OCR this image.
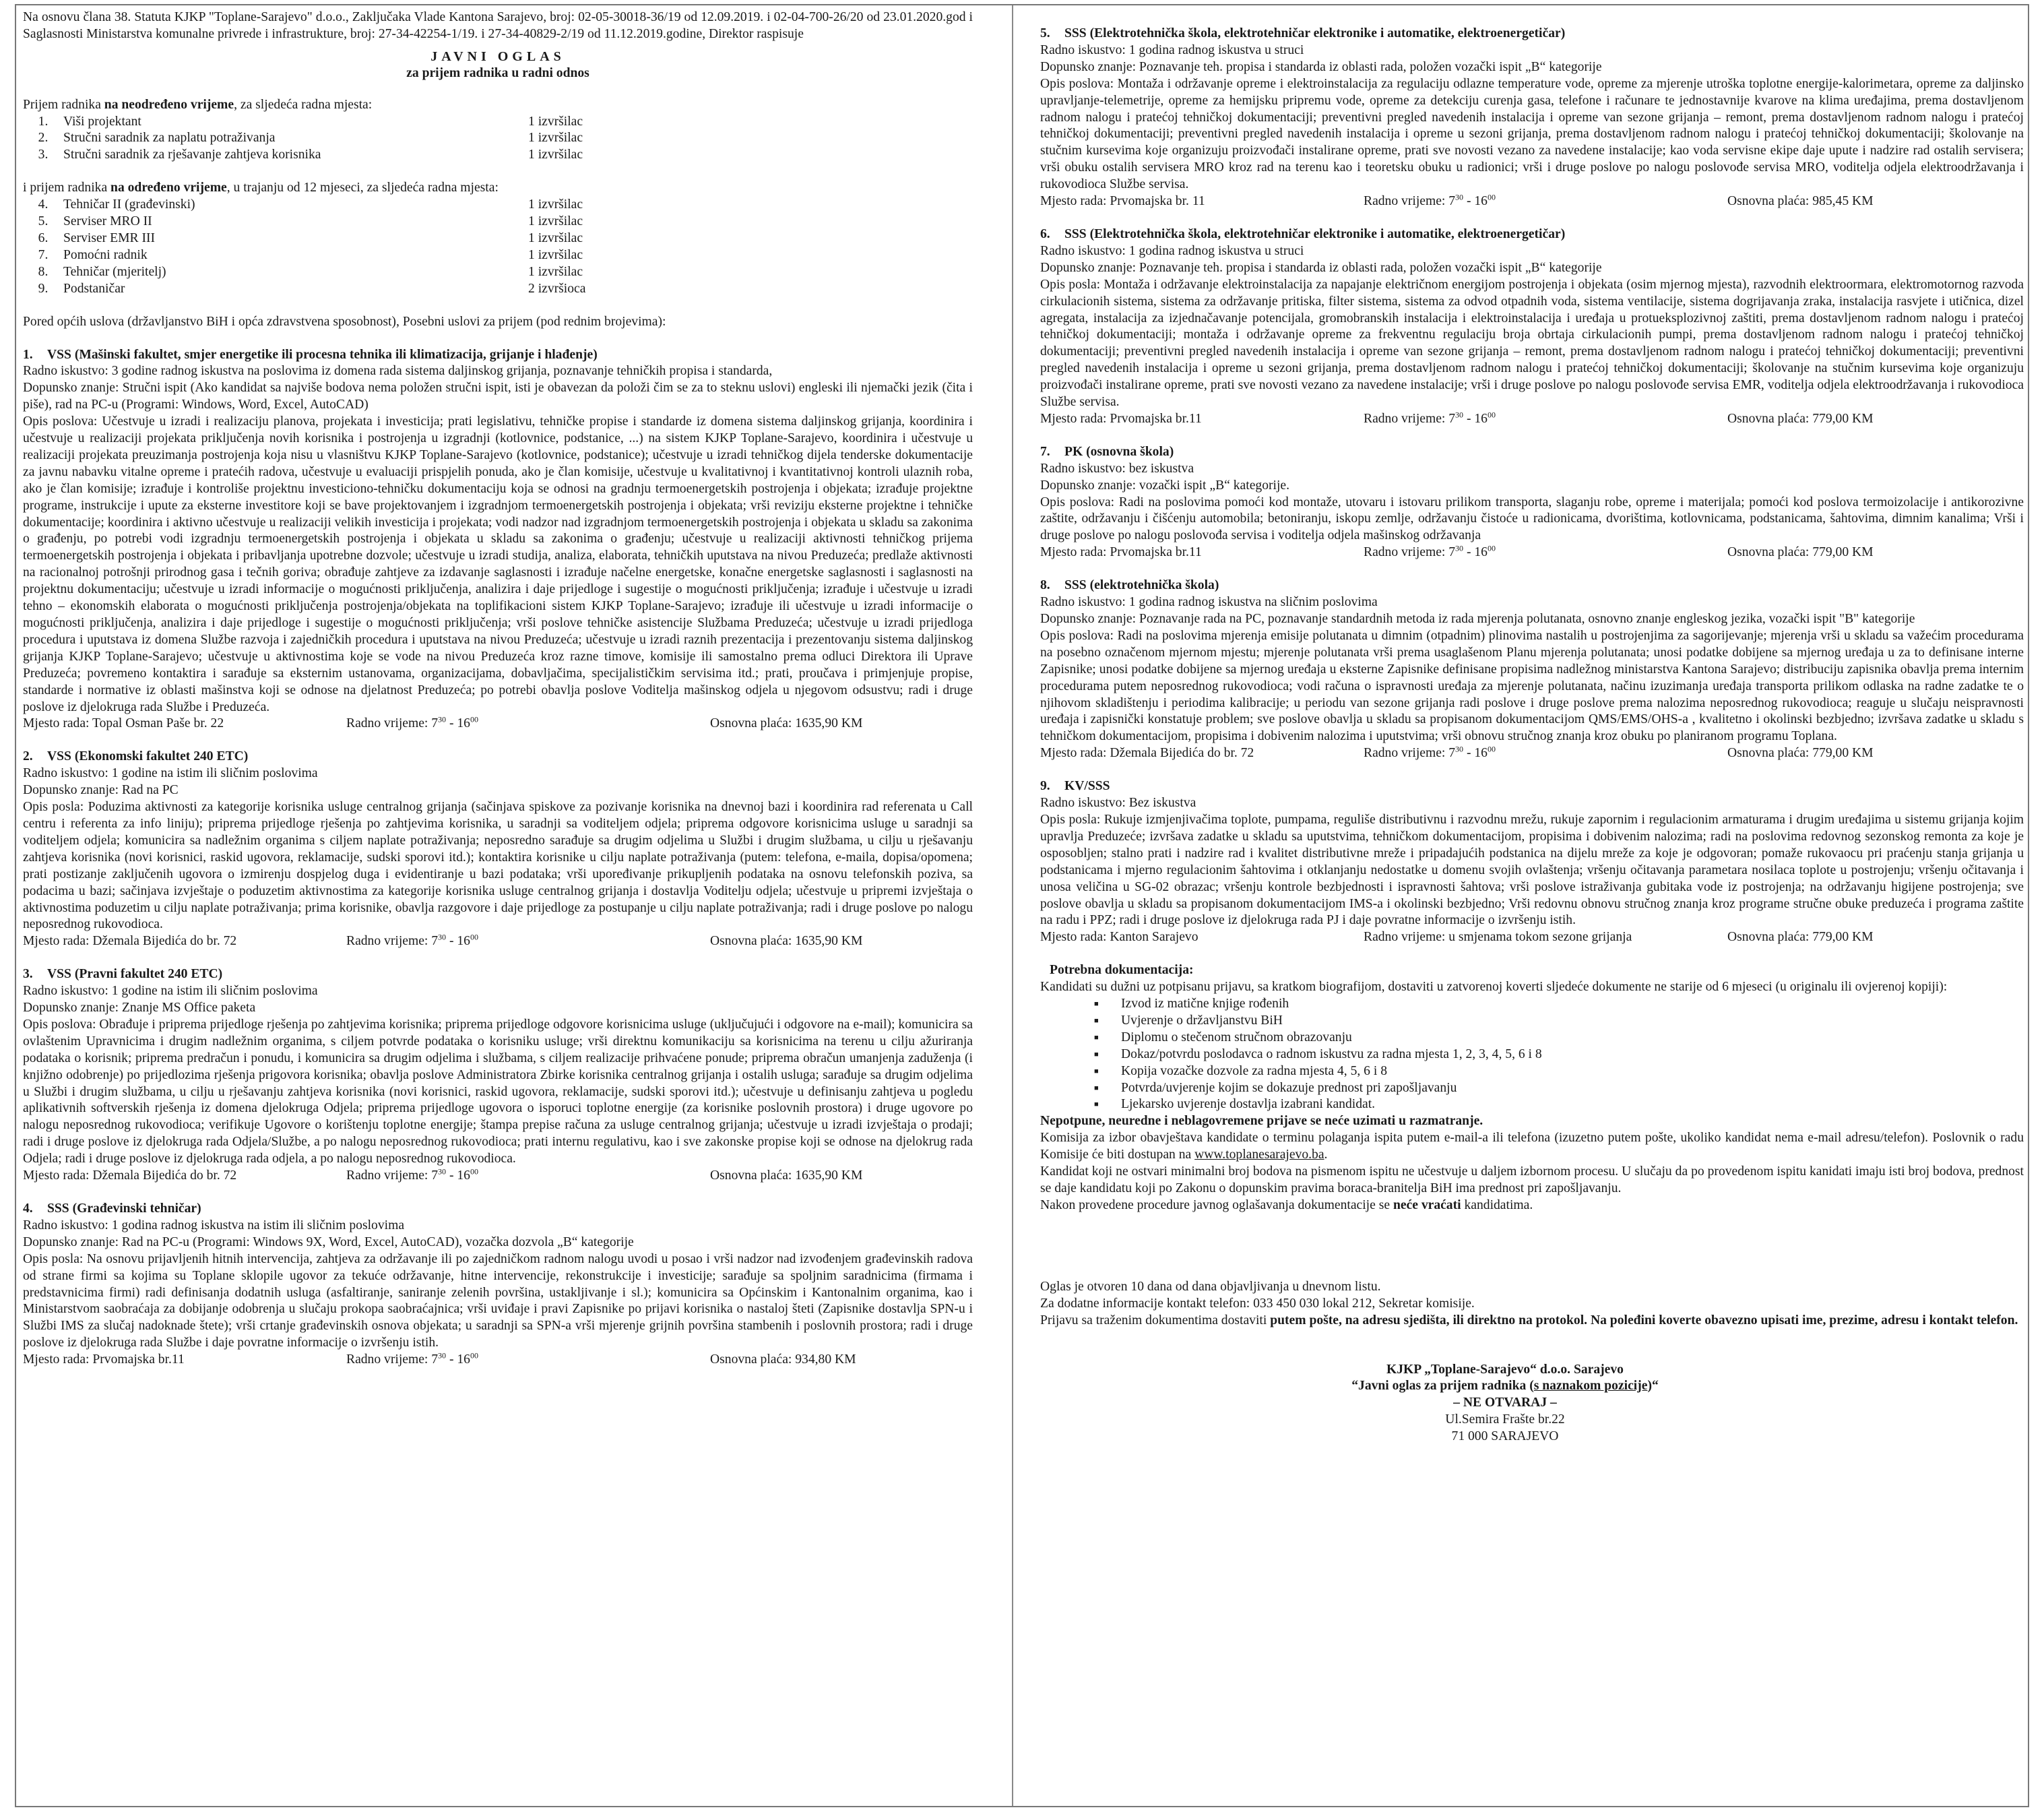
Na osnovu člana 38. Statuta KJKP "Toplane-Sarajevo" d.o.o., Zaključaka Vlade Kantona Sarajevo, broj: 02-05-30018-36/19 od 12.09.2019. i 02-04-700-26/20 od 23.01.2020.god i Saglasnosti Ministarstva komunalne privrede i infrastrukture, broj: 27-34-42254-1/19. i 27-34-40829-2/19 od 11.12.2019.godine, Direktor raspisuje

JAVNI OGLAS
za prijem radnika u radni odnos

Prijem radnika na neodređeno vrijeme, za sljedeća radna mjesta:

1.	Viši projektant	1 izvršilac
2.	Stručni saradnik za naplatu potraživanja	1 izvršilac
3.	Stručni saradnik za rješavanje zahtjeva korisnika	1 izvršilac

i prijem radnika na određeno vrijeme, u trajanju od 12 mjeseci, za sljedeća radna mjesta:

4.	Tehničar II (građevinski)	1 izvršilac
5.	Serviser MRO II	1 izvršilac
6.	Serviser EMR III	1 izvršilac
7.	Pomoćni radnik	1 izvršilac
8.	Tehničar (mjeritelj)	1 izvršilac
9.	Podstaničar	2 izvršioca

Pored općih uslova (državljanstvo BiH i opća zdravstvena sposobnost), Posebni uslovi za prijem (pod rednim brojevima):

1. VSS (Mašinski fakultet, smjer energetike ili procesna tehnika ili klimatizacija, grijanje i hlađenje)

Radno iskustvo: 3 godine radnog iskustva na poslovima iz domena rada sistema daljinskog grijanja, poznavanje tehničkih propisa i standarda,

Dopunsko znanje: Stručni ispit (Ako kandidat sa najviše bodova nema položen stručni ispit, isti je obavezan da položi čim se za to steknu uslovi) engleski ili njemački jezik (čita i piše), rad na PC-u (Programi: Windows, Word, Excel, AutoCAD)

Opis poslova: Učestvuje u izradi i realizaciju planova, projekata i investicija; prati legislativu, tehničke propise i standarde iz domena sistema daljinskog grijanja, koordinira i učestvuje u realizaciji projekata priključenja novih korisnika i postrojenja u izgradnji (kotlovnice, podstanice, ...) na sistem KJKP Toplane-Sarajevo, koordinira i učestvuje u realizaciji projekata preuzimanja postrojenja koja nisu u vlasništvu KJKP Toplane-Sarajevo (kotlovnice, podstanice); učestvuje u izradi tehničkog dijela tenderske dokumentacije za javnu nabavku vitalne opreme i pratećih radova, učestvuje u evaluaciji prispjelih ponuda, ako je član komisije, učestvuje u kvalitativnoj i kvantitativnoj kontroli ulaznih roba, ako je član komisije; izrađuje i kontroliše projektnu investiciono-tehničku dokumentaciju koja se odnosi na gradnju termoenergetskih postrojenja i objekata; izrađuje projektne programe, instrukcije i upute za eksterne investitore koji se bave projektovanjem i izgradnjom termoenergetskih postrojenja i objekata; vrši reviziju eksterne projektne i tehničke dokumentacije; koordinira i aktivno učestvuje u realizaciji velikih investicija i projekata; vodi nadzor nad izgradnjom termoenergetskih postrojenja i objekata u skladu sa zakonima o građenju, po potrebi vodi izgradnju termoenergetskih postrojenja i objekata u skladu sa zakonima o građenju; učestvuje u realizaciji aktivnosti tehničkog prijema termoenergetskih postrojenja i objekata i pribavljanja upotrebne dozvole; učestvuje u izradi studija, analiza, elaborata, tehničkih uputstava na nivou Preduzeća; predlaže aktivnosti na racionalnoj potrošnji prirodnog gasa i tečnih goriva; obrađuje zahtjeve za izdavanje saglasnosti i izrađuje načelne energetske, konačne energetske saglasnosti i saglasnosti na projektnu dokumentaciju; učestvuje u izradi informacije o mogućnosti priključenja, analizira i daje prijedloge i sugestije o mogućnosti priključenja; izrađuje i učestvuje u izradi tehno – ekonomskih elaborata o mogućnosti priključenja postrojenja/objekata na toplifikacioni sistem KJKP Toplane-Sarajevo; izrađuje ili učestvuje u izradi informacije o mogućnosti priključenja, analizira i daje prijedloge i sugestije o mogućnosti priključenja; vrši poslove tehničke asistencije Službama Preduzeća; učestvuje u izradi prijedloga procedura i uputstava iz domena Službe razvoja i zajedničkih procedura i uputstava na nivou Preduzeća; učestvuje u izradi raznih prezentacija i prezentovanju sistema daljinskog grijanja KJKP Toplane-Sarajevo; učestvuje u aktivnostima koje se vode na nivou Preduzeća kroz razne timove, komisije ili samostalno prema odluci Direktora ili Uprave Preduzeća; povremeno kontaktira i sarađuje sa eksternim ustanovama, organizacijama, dobavljačima, specijalističkim servisima itd.; prati, proučava i primjenjuje propise, standarde i normative iz oblasti mašinstva koji se odnose na djelatnost Preduzeća; po potrebi obavlja poslove Voditelja mašinskog odjela u njegovom odsustvu; radi i druge poslove iz djelokruga rada Službe i Preduzeća.

Mjesto rada: Topal Osman Paše br. 22	Radno vrijeme: $7^{30} - 16^{00}$	Osnovna plaća: 1635,90 KM
2. VSS (Ekonomski fakultet 240 ETC)

Radno iskustvo: 1 godine na istim ili sličnim poslovima

Dopunsko znanje: Rad na PC

Opis posla: Poduzima aktivnosti za kategorije korisnika usluge centralnog grijanja (sačinjava spiskove za pozivanje korisnika na dnevnoj bazi i koordinira rad referenata u Call centru i referenta za info liniju); priprema prijedloge rješenja po zahtjevima korisnika, u saradnji sa voditeljem odjela; priprema odgovore korisnicima usluge u saradnji sa voditeljem odjela; komunicira sa nadležnim organima s ciljem naplate potraživanja; neposredno sarađuje sa drugim odjelima u Službi i drugim službama, u cilju u rješavanju zahtjeva korisnika (novi korisnici, raskid ugovora, reklamacije, sudski sporovi itd.); kontaktira korisnike u cilju naplate potraživanja (putem: telefona, e-maila, dopisa/opomena; prati postizanje zaključenih ugovora o izmirenju dospjelog duga i evidentiranje u bazi podataka; vrši upoređivanje prikupljenih podataka na osnovu telefonskih poziva, sa podacima u bazi; sačinjava izvještaje o poduzetim aktivnostima za kategorije korisnika usluge centralnog grijanja i dostavlja Voditelju odjela; učestvuje u pripremi izvještaja o aktivnostima poduzetim u cilju naplate potraživanja; prima korisnike, obavlja razgovore i daje prijedloge za postupanje u cilju naplate potraživanja; radi i druge poslove po nalogu neposrednog rukovodioca.

Mjesto rada: Džemala Bijedića do br. 72	Radno vrijeme: $7^{30} - 16^{00}$	Osnovna plaća: 1635,90 KM
3. VSS (Pravni fakultet 240 ETC)

Radno iskustvo: 1 godine na istim ili sličnim poslovima

Dopunsko znanje: Znanje MS Office paketa

Opis poslova: Obrađuje i priprema prijedloge rješenja po zahtjevima korisnika; priprema prijedloge odgovore korisnicima usluge (uključujući i odgovore na e-mail); komunicira sa ovlaštenim Upravnicima i drugim nadležnim organima, s ciljem potvrde podataka o korisniku usluge; vrši direktnu komunikaciju sa korisnicima na terenu u cilju ažuriranja podataka o korisnik; priprema predračun i ponudu, i komunicira sa drugim odjelima i službama, s ciljem realizacije prihvaćene ponude; priprema obračun umanjenja zaduženja (i knjižno odobrenje) po prijedlozima rješenja prigovora korisnika; obavlja poslove Administratora Zbirke korisnika centralnog grijanja i ostalih usluga; sarađuje sa drugim odjelima u Službi i drugim službama, u cilju u rješavanju zahtjeva korisnika (novi korisnici, raskid ugovora, reklamacije, sudski sporovi itd.); učestvuje u definisanju zahtjeva u pogledu aplikativnih softverskih rješenja iz domena djelokruga Odjela; priprema prijedloge ugovora o isporuci toplotne energije (za korisnike poslovnih prostora) i druge ugovore po nalogu neposrednog rukovodioca; verifikuje Ugovore o korištenju toplotne energije; štampa prepise računa za usluge centralnog grijanja; učestvuje u izradi izvještaja o prodaji; radi i druge poslove iz djelokruga rada Odjela/Službe, a po nalogu neposrednog rukovodioca; prati internu regulativu, kao i sve zakonske propise koji se odnose na djelokrug rada Odjela; radi i druge poslove iz djelokruga rada odjela, a po nalogu neposrednog rukovodioca.

Mjesto rada: Džemala Bijedića do br. 72	Radno vrijeme: $7^{30} - 16^{00}$	Osnovna plaća: 1635,90 KM
4. SSS (Građevinski tehničar)

Radno iskustvo: 1 godina radnog iskustva na istim ili sličnim poslovima

Dopunsko znanje: Rad na PC-u (Programi: Windows 9X, Word, Excel, AutoCAD), vozačka dozvola „B“ kategorije

Opis posla: Na osnovu prijavljenih hitnih intervencija, zahtjeva za održavanje ili po zajedničkom radnom nalogu uvodi u posao i vrši nadzor nad izvođenjem građevinskih radova od strane firmi sa kojima su Toplane sklopile ugovor za tekuće održavanje, hitne intervencije, rekonstrukcije i investicije; sarađuje sa spoljnim saradnicima (firmama i predstavnicima firmi) radi definisanja dodatnih usluga (asfaltiranje, saniranje zelenih površina, ustakljivanje i sl.); komunicira sa Općinskim i Kantonalnim organima, kao i Ministarstvom saobraćaja za dobijanje odobrenja u slučaju prokopa saobraćajnica; vrši uviđaje i pravi Zapisnike po prijavi korisnika o nastaloj šteti (Zapisnike dostavlja SPN-u i Službi IMS za slučaj nadoknade štete); vrši crtanje građevinskih osnova objekata; u saradnji sa SPN-a vrši mjerenje grijnih površina stambenih i poslovnih prostora; radi i druge poslove iz djelokruga rada Službe i daje povratne informacije o izvršenju istih.

Mjesto rada: Prvomajska br.11	Radno vrijeme: $7^{30} - 16^{00}$	Osnovna plaća: 934,80 KM
5. SSS (Elektrotehnička škola, elektrotehničar elektronike i automatike, elektroenergetičar)

Radno iskustvo: 1 godina radnog iskustva u struci

Dopunsko znanje: Poznavanje teh. propisa i standarda iz oblasti rada, položen vozački ispit „B“ kategorije

Opis poslova: Montaža i održavanje opreme i elektroinstalacija za regulaciju odlazne temperature vode, opreme za mjerenje utroška toplotne energije-kalorimetara, opreme za daljinsko upravljanje-telemetrije, opreme za hemijsku pripremu vode, opreme za detekciju curenja gasa, telefone i računare te jednostavnije kvarove na klima uređajima, prema dostavljenom radnom nalogu i pratećoj tehničkoj dokumentaciji; preventivni pregled navedenih instalacija i opreme van sezone grijanja – remont, prema dostavljenom radnom nalogu i pratećoj tehničkoj dokumentaciji; preventivni pregled navedenih instalacija i opreme u sezoni grijanja, prema dostavljenom radnom nalogu i pratećoj tehničkoj dokumentaciji; školovanje na stučnim kursevima koje organizuju proizvođači instalirane opreme, prati sve novosti vezano za navedene instalacije; kao voda servisne ekipe daje upute i nadzire rad ostalih servisera; vrši obuku ostalih servisera MRO kroz rad na terenu kao i teoretsku obuku u radionici; vrši i druge poslove po nalogu poslovođe servisa MRO, voditelja odjela elektroodržavanja i rukovodioca Službe servisa.

Mjesto rada: Prvomajska br. 11	Radno vrijeme: $7^{30} - 16^{00}$	Osnovna plaća: 985,45 KM
6. SSS (Elektrotehnička škola, elektrotehničar elektronike i automatike, elektroenergetičar)

Radno iskustvo: 1 godina radnog iskustva u struci

Dopunsko znanje: Poznavanje teh. propisa i standarda iz oblasti rada, položen vozački ispit „B“ kategorije

Opis posla: Montaža i održavanje elektroinstalacija za napajanje električnom energijom postrojenja i objekata (osim mjernog mjesta), razvodnih elektroormara, elektromotornog razvoda cirkulacionih sistema, sistema za održavanje pritiska, filter sistema, sistema za odvod otpadnih voda, sistema ventilacije, sistema dogrijavanja zraka, instalacija rasvjete i utičnica, dizel agregata, instalacija za izjednačavanje potencijala, gromobranskih instalacija i elektroinstalacija i uređaja u protueksplozivnoj zaštiti, prema dostavljenom radnom nalogu i pratećoj tehničkoj dokumentaciji; montaža i održavanje opreme za frekventnu regulaciju broja obrtaja cirkulacionih pumpi, prema dostavljenom radnom nalogu i pratećoj tehničkoj dokumentaciji; preventivni pregled navedenih instalacija i opreme van sezone grijanja – remont, prema dostavljenom radnom nalogu i pratećoj tehničkoj dokumentaciji; preventivni pregled navedenih instalacija i opreme u sezoni grijanja, prema dostavljenom radnom nalogu i pratećoj tehničkoj dokumentaciji; školovanje na stučnim kursevima koje organizuju proizvođači instalirane opreme, prati sve novosti vezano za navedene instalacije; vrši i druge poslove po nalogu poslovođe servisa EMR, voditelja odjela elektroodržavanja i rukovodioca Službe servisa.

Mjesto rada: Prvomajska br.11	Radno vrijeme: $7^{30} - 16^{00}$	Osnovna plaća: 779,00 KM
7. PK (osnovna škola)

Radno iskustvo: bez iskustva

Dopunsko znanje: vozački ispit „B“ kategorije.

Opis poslova: Radi na poslovima pomoći kod montaže, utovaru i istovaru prilikom transporta, slaganju robe, opreme i materijala; pomoći kod poslova termoizolacije i antikorozivne zaštite, održavanju i čišćenju automobila; betoniranju, iskopu zemlje, održavanju čistoće u radionicama, dvorištima, kotlovnicama, podstanicama, šahtovima, dimnim kanalima; Vrši i druge poslove po nalogu poslovođa servisa i voditelja odjela mašinskog održavanja

Mjesto rada: Prvomajska br.11	Radno vrijeme: $7^{30} - 16^{00}$	Osnovna plaća: 779,00 KM
8. SSS (elektrotehnička škola)

Radno iskustvo: 1 godina radnog iskustva na sličnim poslovima

Dopunsko znanje: Poznavanje rada na PC, poznavanje standardnih metoda iz rada mjerenja polutanata, osnovno znanje engleskog jezika, vozački ispit "B" kategorije

Opis poslova: Radi na poslovima mjerenja emisije polutanata u dimnim (otpadnim) plinovima nastalih u postrojenjima za sagorijevanje; mjerenja vrši u skladu sa važećim procedurama na posebno označenom mjernom mjestu; mjerenje polutanata vrši prema usaglašenom Planu mjerenja polutanata; unosi podatke dobijene sa mjernog uređaja u za to definisane interne Zapisnike; unosi podatke dobijene sa mjernog uređaja u eksterne Zapisnike definisane propisima nadležnog ministarstva Kantona Sarajevo; distribuciju zapisnika obavlja prema internim procedurama putem neposrednog rukovodioca; vodi računa o ispravnosti uređaja za mjerenje polutanata, načinu izuzimanja uređaja transporta prilikom odlaska na radne zadatke te o njihovom skladištenju i periodima kalibracije; u periodu van sezone grijanja radi poslove i druge poslove prema nalozima neposrednog rukovodioca; reaguje u slučaju neispravnosti uređaja i zapisnički konstatuje problem; sve poslove obavlja u skladu sa propisanom dokumentacijom QMS/EMS/OHS-a , kvalitetno i okolinski bezbjedno; izvršava zadatke u skladu s tehničkom dokumentacijom, propisima i dobivenim nalozima i uputstvima; vrši obnovu stručnog znanja kroz obuku po planiranom programu Toplana.

Mjesto rada: Džemala Bijedića do br. 72	Radno vrijeme: $7^{30} - 16^{00}$	Osnovna plaća: 779,00 KM
9. KV/SSS

Radno iskustvo: Bez iskustva

Opis posla: Rukuje izmjenjivačima toplote, pumpama, reguliše distributivnu i razvodnu mrežu, rukuje zapornim i regulacionim armaturama i drugim uređajima u sistemu grijanja kojim upravlja Preduzeće; izvršava zadatke u skladu sa uputstvima, tehničkom dokumentacijom, propisima i dobivenim nalozima; radi na poslovima redovnog sezonskog remonta za koje je osposobljen; stalno prati i nadzire rad i kvalitet distributivne mreže i pripadajućih podstanica na dijelu mreže za koje je odgovoran; pomaže rukovaocu pri praćenju stanja grijanja u podstanicama i mjerno regulacionim šahtovima i otklanjanju nedostatke u domenu svojih ovlaštenja; vršenju očitavanja parametara nosilaca toplote u postrojenju; vršenju očitavanja i unosa veličina u SG-02 obrazac; vršenju kontrole bezbjednosti i ispravnosti šahtova; vrši poslove istraživanja gubitaka vode iz postrojenja; na održavanju higijene postrojenja; sve poslove obavlja u skladu sa propisanom dokumentacijom IMS-a i okolinski bezbjedno; Vrši redovnu obnovu stručnog znanja kroz programe stručne obuke preduzeća i programa zaštite na radu i PPZ; radi i druge poslove iz djelokruga rada PJ i daje povratne informacije o izvršenju istih.

Mjesto rada: Kanton Sarajevo	Radno vrijeme: u smjenama tokom sezone grijanja	Osnovna plaća: 779,00 KM
Potrebna dokumentacija:

Kandidati su dužni uz potpisanu prijavu, sa kratkom biografijom, dostaviti u zatvorenoj koverti sljedeće dokumente ne starije od 6 mjeseci (u originalu ili ovjerenoj kopiji):

■ Izvod iz matične knjige rođenih
■ Uvjerenje o državljanstvu BiH
■ Diplomu o stečenom stručnom obrazovanju
■ Dokaz/potvrdu poslodavca o radnom iskustvu za radna mjesta 1, 2, 3, 4, 5, 6 i 8
■ Kopija vozačke dozvole za radna mjesta 4, 5, 6 i 8
■ Potvrda/uvjerenje kojim se dokazuje prednost pri zapošljavanju
■ Ljekarsko uvjerenje dostavlja izabrani kandidat.

Nepotpune, neuredne i neblagovremene prijave se neće uzimati u razmatranje.

Komisija za izbor obavještava kandidate o terminu polaganja ispita putem e-mail-a ili telefona (izuzetno putem pošte, ukoliko kandidat nema e-mail adresu/telefon). Poslovnik o radu Komisije će biti dostupan na www.toplanesarajevo.ba.

Kandidat koji ne ostvari minimalni broj bodova na pismenom ispitu ne učestvuje u daljem izbornom procesu. U slučaju da po provedenom ispitu kanidati imaju isti broj bodova, prednost se daje kandidatu koji po Zakonu o dopunskim pravima boraca-branitelja BiH ima prednost pri zapošljavanju.

Nakon provedene procedure javnog oglašavanja dokumentacije se neće vraćati kandidatima.

Oglas je otvoren 10 dana od dana objavljivanja u dnevnom listu.

Za dodatne informacije kontakt telefon: 033 450 030 lokal 212, Sekretar komisije.

Prijavu sa traženim dokumentima dostaviti putem pošte, na adresu sjedišta, ili direktno na protokol. Na poleđini koverte obavezno upisati ime, prezime, adresu i kontakt telefon.

KJKP „Toplane-Sarajevo“ d.o.o. Sarajevo
“Javni oglas za prijem radnika (s naznakom pozicije)“
– NE OTVARAJ –
Ul.Semira Frašte br.22
71 000 SARAJEVO
